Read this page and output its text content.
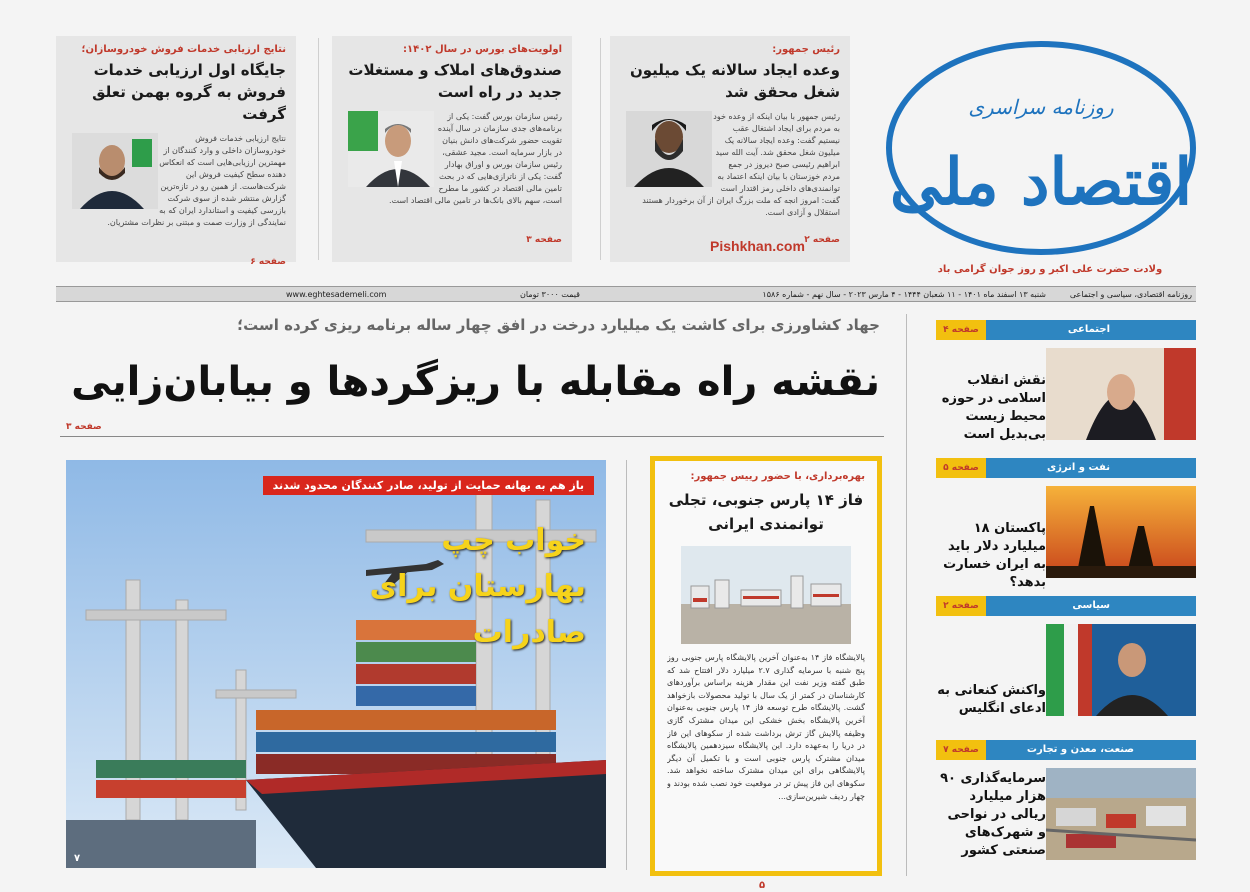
رئیس جمهور:
وعده ایجاد سالانه یک میلیون شغل محقق شد
رئیس جمهور با بیان اینکه از وعده خود به مردم برای ایجاد اشتغال عقب نیستیم گفت: وعده ایجاد سالانه یک میلیون شغل محقق شد. آیت الله سید ابراهیم رئیسی صبح دیروز در جمع مردم خوزستان با بیان اینکه اعتماد به توانمندی‌های داخلی رمز اقتدار است گفت: امروز انجه که ملت بزرگ ایران از آن برخوردار هستند استقلال و آزادی است.
صفحه ۲
اولویت‌های بورس در سال ۱۴۰۲:
صندوق‌های املاک و مستغلات جدید در راه است
رئیس سازمان بورس گفت: یکی از برنامه‌های جدی سازمان در سال آینده تقویت حضور شرکت‌های دانش بنیان در بازار سرمایه است. مجید عشقی، رئیس سازمان بورس و اوراق بهادار گفت: یکی از ناترازی‌هایی که در بحث تامین مالی اقتصاد در کشور ما مطرح است، سهم بالای بانک‌ها در تامین مالی اقتصاد است.
صفحه ۳
نتایج ارزیابی خدمات فروش خودروسازان؛
جایگاه اول ارزیابی خدمات فروش به گروه بهمن تعلق گرفت
نتایج ارزیابی خدمات فروش خودروسازان داخلی و وارد کنندگان از مهمترین ارزیابی‌هایی است که انعکاس دهنده سطح کیفیت فروش این شرکت‌هاست. از همین رو در تازه‌ترین گزارش منتشر شده از سوی شرکت بازرسی کیفیت و استاندارد ایران که به نمایندگی از وزارت صمت و مبتنی بر نظرات مشتریان.
صفحه ۶
روزنامه سراسری
اقتصاد ملی
Pishkhan.com
ولادت حضرت علی اکبر و روز جوان گرامی باد
روزنامه اقتصادی، سیاسی و اجتماعی
شنبه ۱۳ اسفند ماه ۱۴۰۱ - ۱۱ شعبان ۱۴۴۴ - ۴ مارس ۲۰۲۳ - سال نهم - شماره ۱۵۸۶
قیمت ۳۰۰۰ تومان
www.eghtesademeli.com
جهاد کشاورزی برای کاشت یک میلیارد درخت در افق چهار ساله برنامه ریزی کرده است؛
نقشه راه مقابله با ریزگردها و بیابان‌زایی
صفحه ۳
باز هم به بهانه حمایت از تولید، صادر کنندگان محدود شدند
خواب چپ بهارستان برای صادرات
۷
بهره‌برداری، با حضور رییس جمهور:
فاز ۱۴ پارس جنوبی، تجلی توانمندی ایرانی
پالایشگاه فاز ۱۴ به‌عنوان آخرین پالایشگاه پارس جنوبی روز پنج شنبه با سرمایه گذاری ۲.۷ میلیارد دلار افتتاح شد که طبق گفته وزیر نفت این مقدار هزینه براساس برآوردهای کارشناسان در کمتر از یک سال با تولید محصولات بازخواهد گشت. پالایشگاه طرح توسعه فاز ۱۴ پارس جنوبی به‌عنوان آخرین پالایشگاه بخش خشکی این میدان مشترک گازی وظیفه پالایش گاز ترش برداشت شده از سکوهای این فاز در دریا را به‌عهده دارد. این پالایشگاه سیزدهمین پالایشگاه میدان مشترک پارس جنوبی است و با تکمیل آن دیگر پالایشگاهی برای این میدان مشترک ساخته نخواهد شد. سکوهای این فاز پیش تر در موقعیت خود نصب شده بودند و چهار ردیف شیرین‌سازی...
۵
اجتماعی
صفحه ۴
نقش انقلاب اسلامی در حوزه محیط زیست بی‌بدیل است
نفت و انرژی
صفحه ۵
پاکستان ۱۸ میلیارد دلار باید به ایران خسارت بدهد؟
سیاسی
صفحه ۲
واکنش کنعانی به ادعای انگلیس
صنعت، معدن و تجارت
صفحه ۷
سرمایه‌گذاری ۹۰ هزار میلیارد ریالی در نواحی و شهرک‌های صنعتی کشور
